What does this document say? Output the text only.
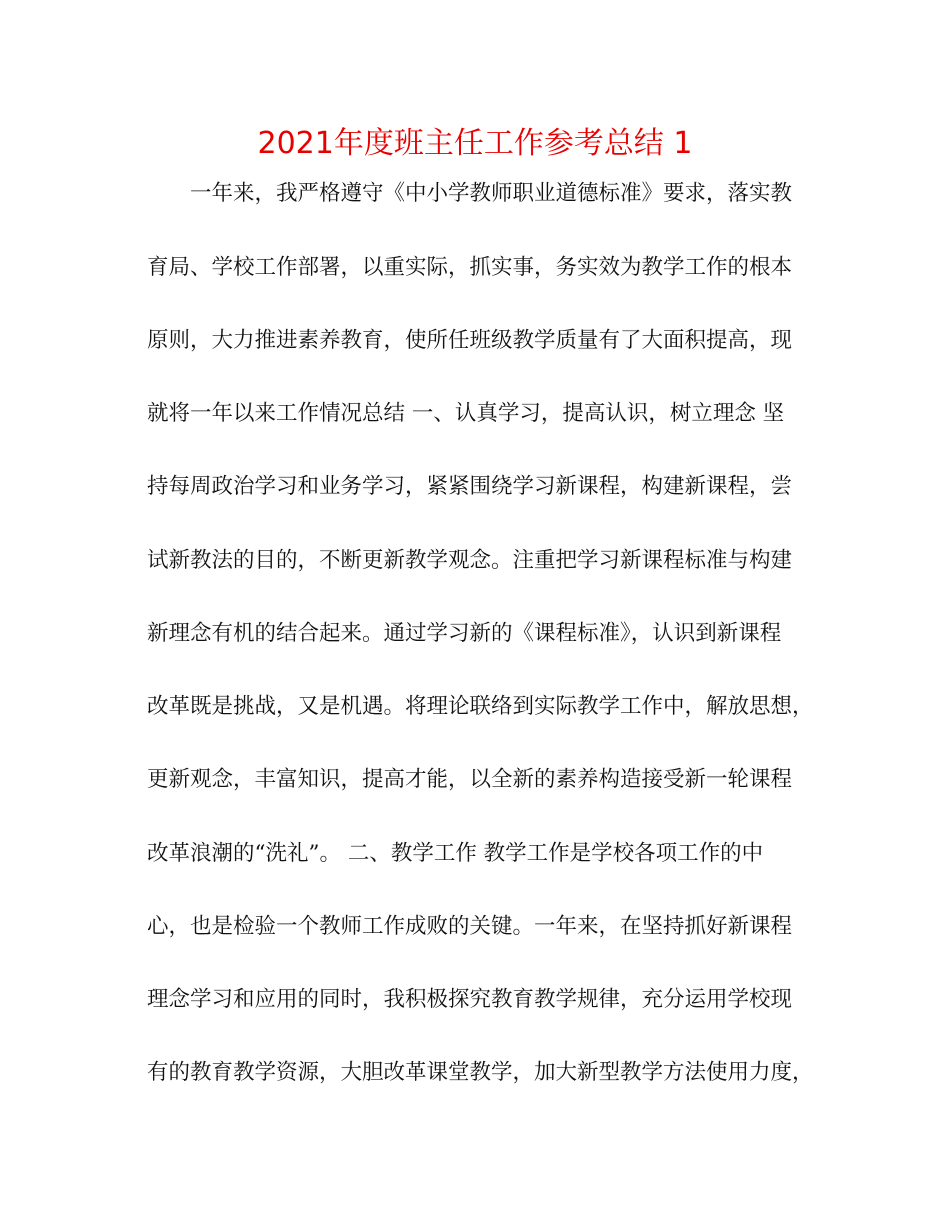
2021年度班主任工作参考总结 1
　　一年来，我严格遵守《中小学教师职业道德标准》要求，落实教
育局、学校工作部署，以重实际，抓实事，务实效为教学工作的根本
原则，大力推进素养教育，使所任班级教学质量有了大面积提高，现
就将一年以来工作情况总结 一、认真学习，提高认识，树立理念 坚
持每周政治学习和业务学习，紧紧围绕学习新课程，构建新课程，尝
试新教法的目的，不断更新教学观念。注重把学习新课程标准与构建
新理念有机的结合起来。通过学习新的《课程标准》，认识到新课程
改革既是挑战，又是机遇。将理论联络到实际教学工作中，解放思想，
更新观念，丰富知识，提高才能，以全新的素养构造接受新一轮课程
改革浪潮的“洗礼”。 二、教学工作 教学工作是学校各项工作的中
心，也是检验一个教师工作成败的关键。一年来，在坚持抓好新课程
理念学习和应用的同时，我积极探究教育教学规律，充分运用学校现
有的教育教学资源，大胆改革课堂教学，加大新型教学方法使用力度，
